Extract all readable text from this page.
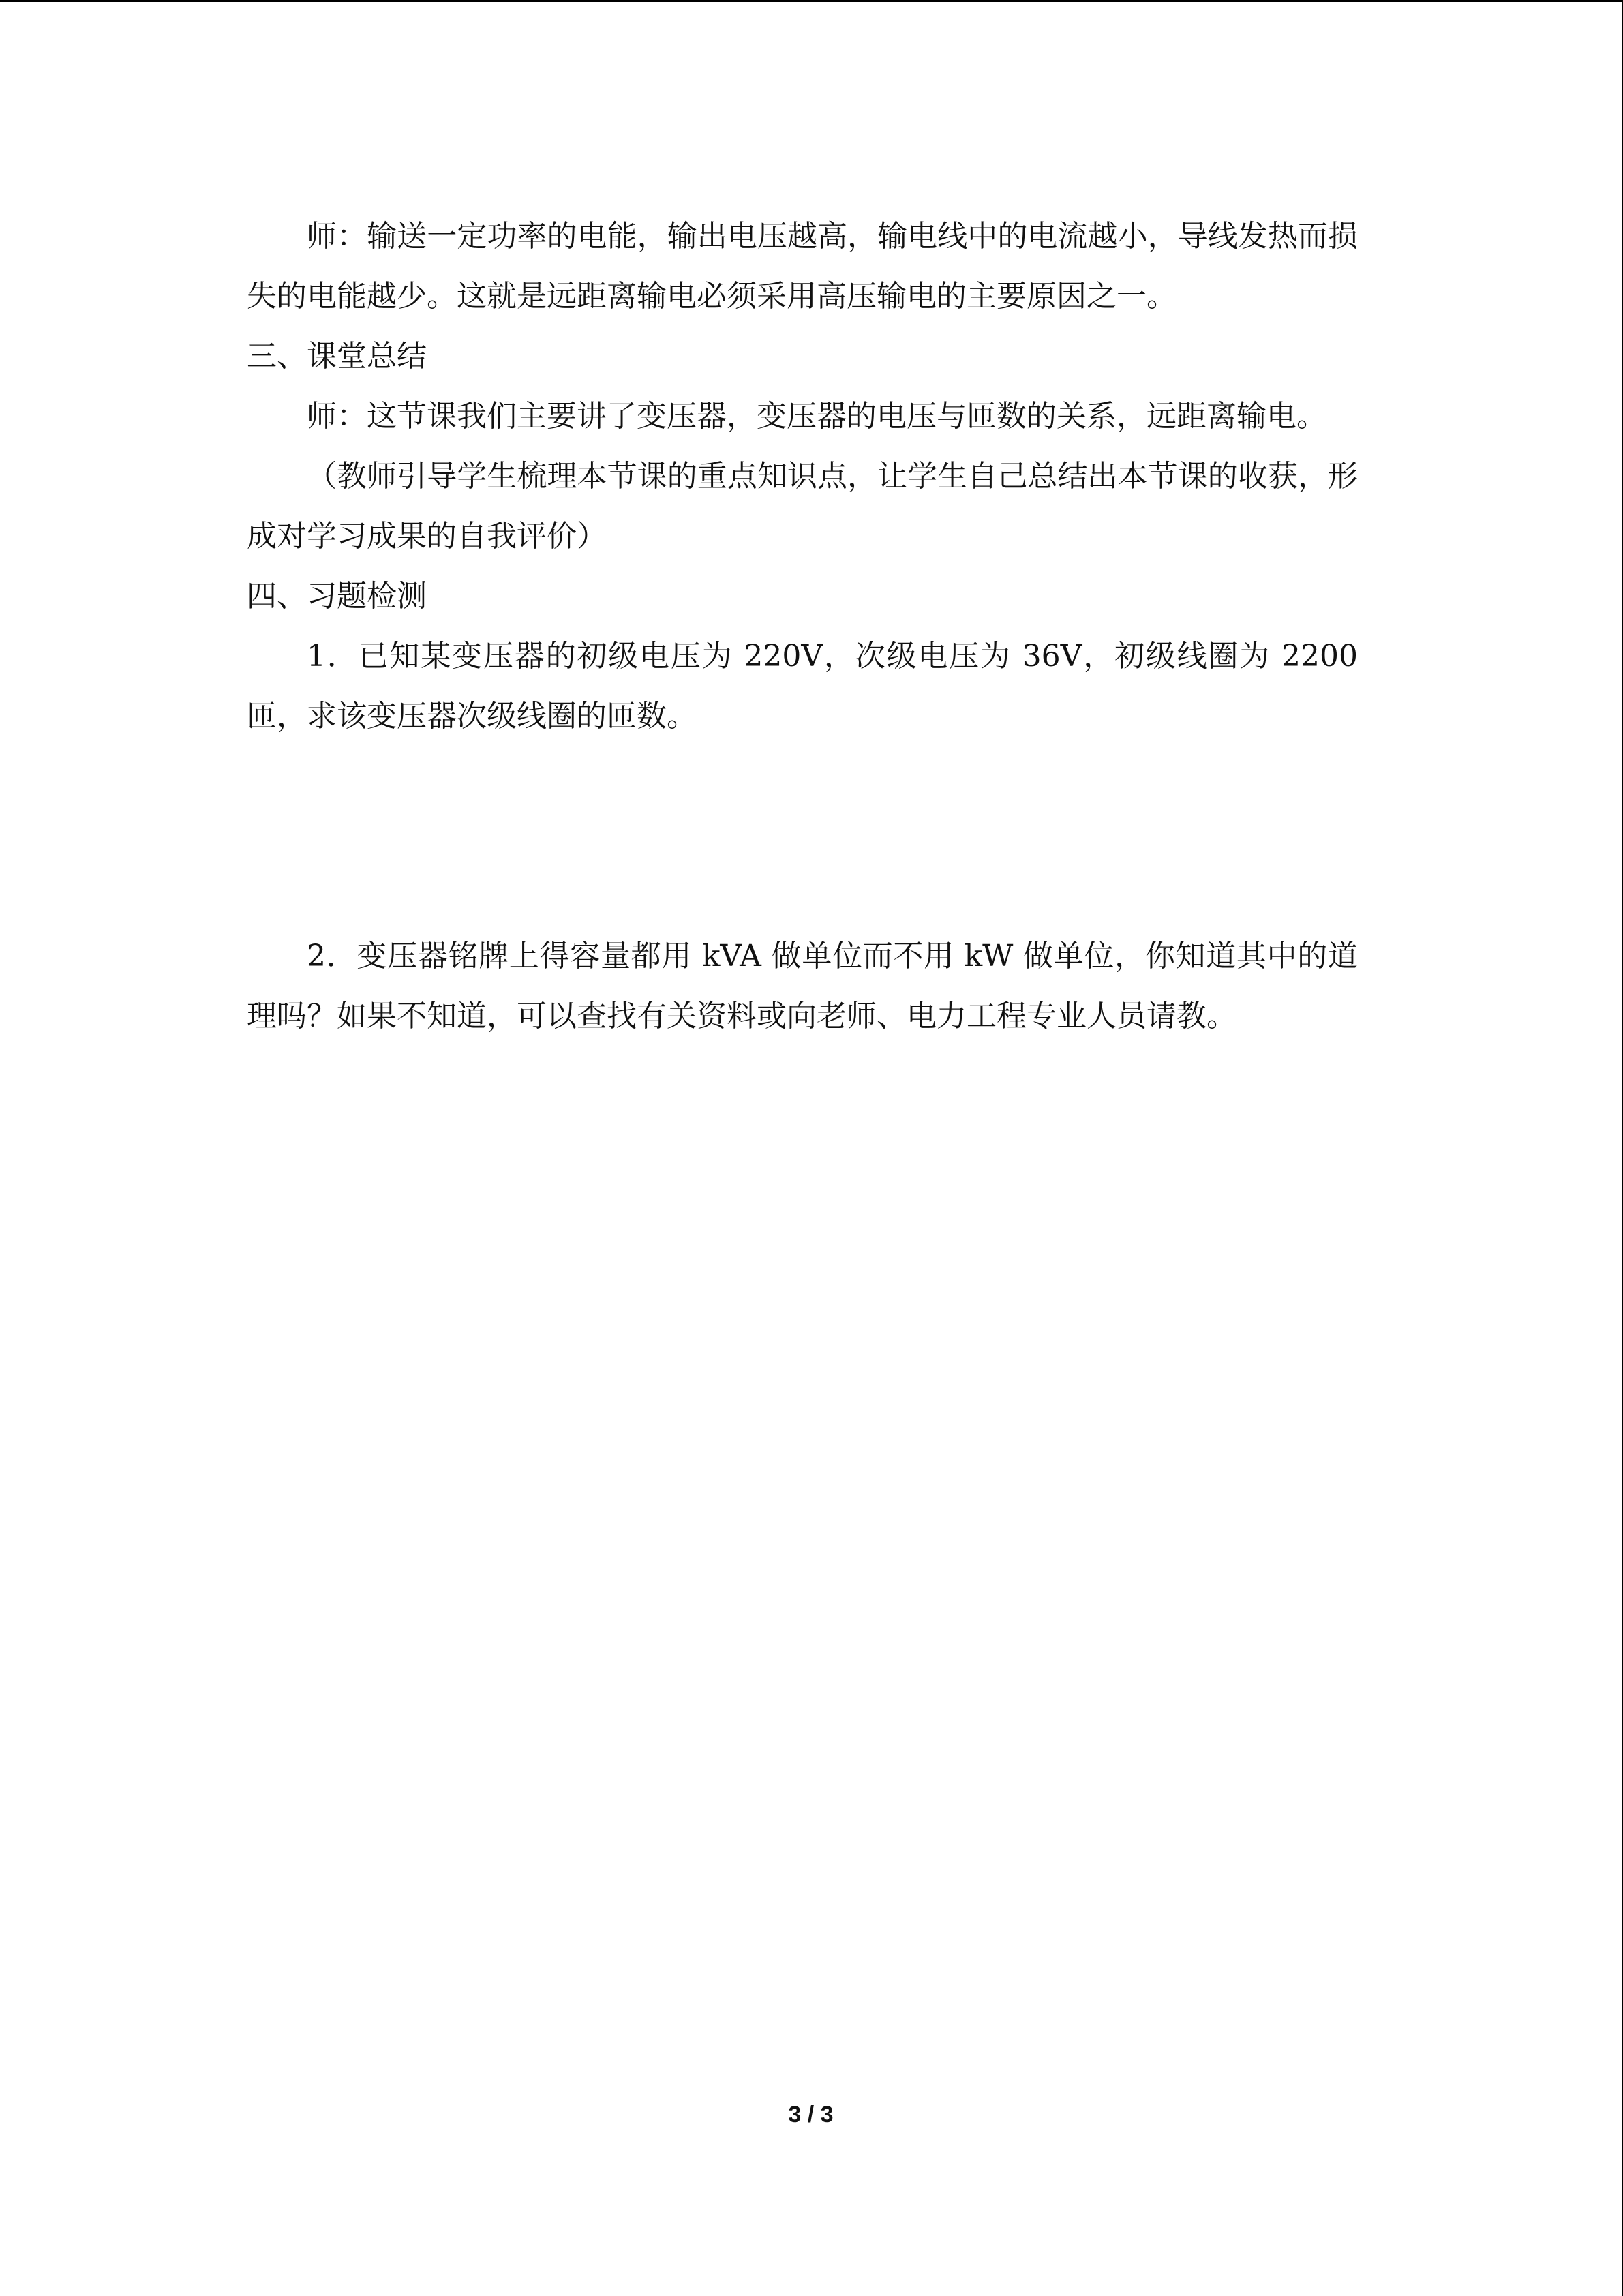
师：输送一定功率的电能，输出电压越高，输电线中的电流越小，导线发热而损失的电能越少。这就是远距离输电必须采用高压输电的主要原因之一。

三、课堂总结

师：这节课我们主要讲了变压器，变压器的电压与匝数的关系，远距离输电。

（教师引导学生梳理本节课的重点知识点，让学生自己总结出本节课的收获，形成对学习成果的自我评价）

四、习题检测

1．已知某变压器的初级电压为 220V，次级电压为 36V，初级线圈为 2200 匝，求该变压器次级线圈的匝数。

2．变压器铭牌上得容量都用 kVA 做单位而不用 kW 做单位，你知道其中的道理吗？如果不知道，可以查找有关资料或向老师、电力工程专业人员请教。

3 / 3
